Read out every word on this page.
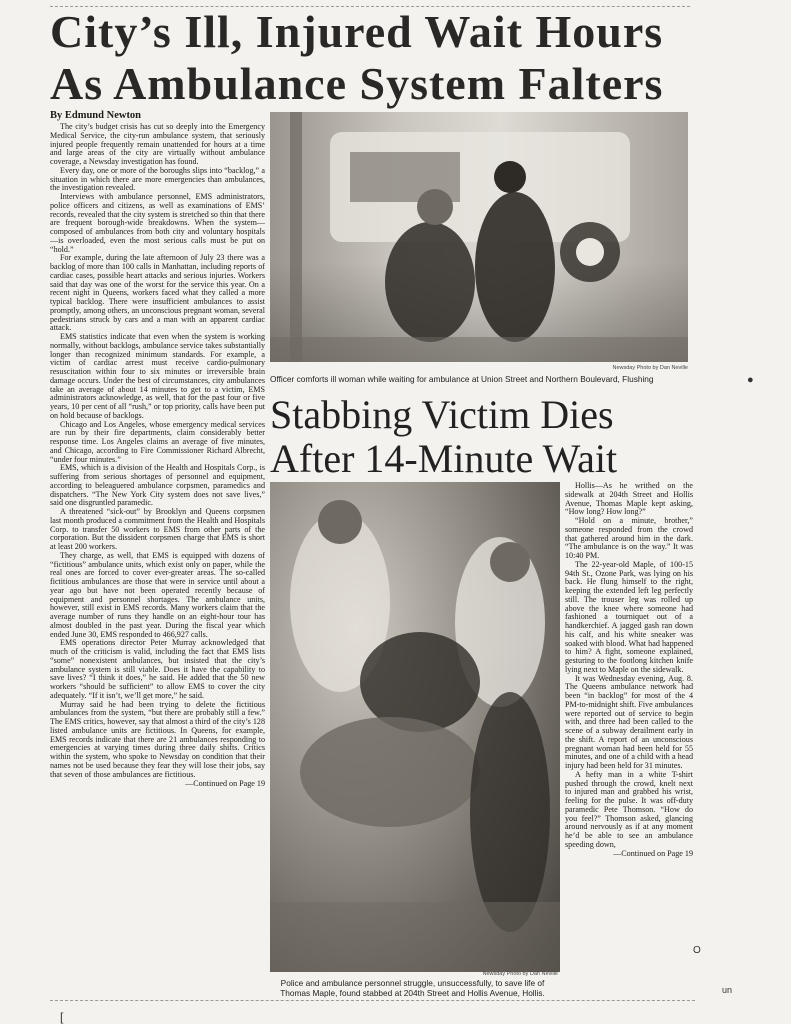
City’s Ill, Injured Wait Hours
As Ambulance System Falters
By Edmund Newton

The city’s budget crisis has cut so deeply into the Emergency Medical Service, the city-run ambulance system, that seriously injured people frequently remain unattended for hours at a time and large areas of the city are virtually without ambulance coverage, a Newsday investigation has found.

Every day, one or more of the boroughs slips into “backlog,” a situation in which there are more emergencies than ambulances, the investigation revealed.

Interviews with ambulance personnel, EMS administrators, police officers and citizens, as well as examinations of EMS’ records, revealed that the city system is stretched so thin that there are frequent borough-wide breakdowns. When the system—composed of ambulances from both city and voluntary hospitals—is overloaded, even the most serious calls must be put on “hold.”

For example, during the late afternoon of July 23 there was a backlog of more than 100 calls in Manhattan, including reports of cardiac cases, possible heart attacks and serious injuries. Workers said that day was one of the worst for the service this year. On a recent night in Queens, workers faced what they called a more typical backlog. There were insufficient ambulances to assist promptly, among others, an unconscious pregnant woman, several pedestrians struck by cars and a man with an apparent cardiac attack.

EMS statistics indicate that even when the system is working normally, without backlogs, ambulance service takes substantially longer than recognized minimum standards. For example, a victim of cardiac arrest must receive cardio-pulmonary resuscitation within four to six minutes or irreversible brain damage occurs. Under the best of circumstances, city ambulances take an average of about 14 minutes to get to a victim, EMS administrators acknowledge, as well, that for the past four or five years, 10 per cent of all “rush,” or top priority, calls have been put on hold because of backlogs.

Chicago and Los Angeles, whose emergency medical services are run by their fire departments, claim considerably better response time. Los Angeles claims an average of five minutes, and Chicago, according to Fire Commissioner Richard Albrecht, “under four minutes.”

EMS, which is a division of the Health and Hospitals Corp., is suffering from serious shortages of personnel and equipment, according to beleaguered ambulance corpsmen, paramedics and dispatchers. “The New York City system does not save lives,” said one disgruntled paramedic.

A threatened “sick-out” by Brooklyn and Queens corpsmen last month produced a commitment from the Health and Hospitals Corp. to transfer 50 workers to EMS from other parts of the corporation. But the dissident corpsmen charge that EMS is short at least 200 workers.

They charge, as well, that EMS is equipped with dozens of “fictitious” ambulance units, which exist only on paper, while the real ones are forced to cover ever-greater areas. The so-called fictitious ambulances are those that were in service until about a year ago but have not been operated recently because of equipment and personnel shortages. The ambulance units, however, still exist in EMS records. Many workers claim that the average number of runs they handle on an eight-hour tour has almost doubled in the past year. During the fiscal year which ended June 30, EMS responded to 466,927 calls.

EMS operations director Peter Murray acknowledged that much of the criticism is valid, including the fact that EMS lists “some” nonexistent ambulances, but insisted that the city’s ambulance system is still viable. Does it have the capability to save lives? “I think it does,” he said. He added that the 50 new workers “should be sufficient” to allow EMS to cover the city adequately. “If it isn’t, we’ll get more,” he said.

Murray said he had been trying to delete the fictitious ambulances from the system, “but there are probably still a few.” The EMS critics, however, say that almost a third of the city’s 128 listed ambulance units are fictitious. In Queens, for example, EMS records indicate that there are 21 ambulances responding to emergencies at varying times during three daily shifts. Critics within the system, who spoke to Newsday on condition that their names not be used because they fear they will lose their jobs, say that seven of those ambulances are fictitious.

—Continued on Page 19
Newsday Photo by Dan Neville
Officer comforts ill woman while waiting for ambulance at Union Street and Northern Boulevard, Flushing
Stabbing Victim Dies
After 14-Minute Wait
Newsday Photo by Dan Neville
Police and ambulance personnel struggle, unsuccessfully, to save life of Thomas Maple, found stabbed at 204th Street and Hollis Avenue, Hollis.

Hollis—As he writhed on the sidewalk at 204th Street and Hollis Avenue, Thomas Maple kept asking, “How long? How long?”

“Hold on a minute, brother,” someone responded from the crowd that gathered around him in the dark. “The ambulance is on the way.” It was 10:40 PM.

The 22-year-old Maple, of 100-15 94th St., Ozone Park, was lying on his back. He flung himself to the right, keeping the extended left leg perfectly still. The trouser leg was rolled up above the knee where someone had fashioned a tourniquet out of a handkerchief. A jagged gash ran down his calf, and his white sneaker was soaked with blood. What had happened to him? A fight, someone explained, gesturing to the footlong kitchen knife lying next to Maple on the sidewalk.

It was Wednesday evening, Aug. 8. The Queens ambulance network had been “in backlog” for most of the 4 PM-to-midnight shift. Five ambulances were reported out of service to begin with, and three had been called to the scene of a subway derailment early in the shift. A report of an unconscious pregnant woman had been held for 55 minutes, and one of a child with a head injury had been held for 31 minutes.

A hefty man in a white T-shirt pushed through the crowd, knelt next to injured man and grabbed his wrist, feeling for the pulse. It was off-duty paramedic Pete Thomson. “How do you feel?” Thomson asked, glancing around nervously as if at any moment he’d be able to see an ambulance speeding down,

—Continued on Page 19
●
O
un
[
